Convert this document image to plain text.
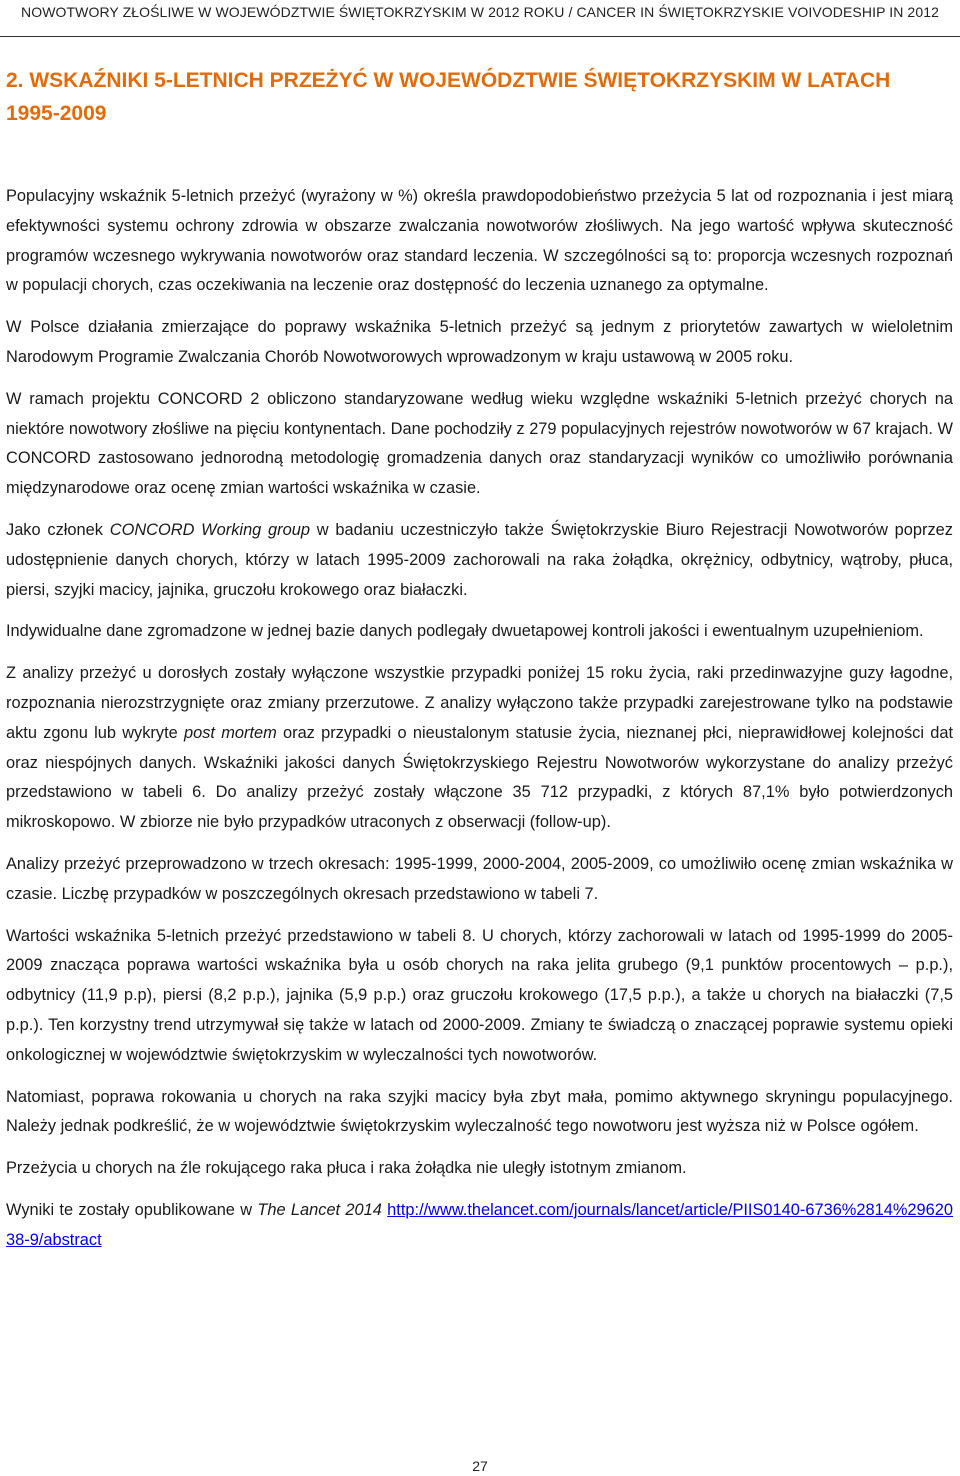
NOWOTWORY ZŁOŚLIWE W WOJEWÓDZTWIE ŚWIĘTOKRZYSKIM W 2012 ROKU / CANCER IN ŚWIĘTOKRZYSKIE VOIVODESHIP IN 2012
2. WSKAŹNIKI 5-LETNICH PRZEŻYĆ W WOJEWÓDZTWIE ŚWIĘTOKRZYSKIM W LATACH 1995-2009

Populacyjny wskaźnik 5-letnich przeżyć (wyrażony w %) określa prawdopodobieństwo przeżycia 5 lat od rozpoznania i jest miarą efektywności systemu ochrony zdrowia w obszarze zwalczania nowotworów złośliwych. Na jego wartość wpływa skuteczność programów wczesnego wykrywania nowotworów oraz standard leczenia. W szczególności są to: proporcja wczesnych rozpoznań w populacji chorych, czas oczekiwania na leczenie oraz dostępność do leczenia uznanego za optymalne.

W Polsce działania zmierzające do poprawy wskaźnika 5-letnich przeżyć są jednym z priorytetów zawartych w wieloletnim Narodowym Programie Zwalczania Chorób Nowotworowych wprowadzonym w kraju ustawową w 2005 roku.

W ramach projektu CONCORD 2 obliczono standaryzowane według wieku względne wskaźniki 5-letnich przeżyć chorych na niektóre nowotwory złośliwe na pięciu kontynentach. Dane pochodziły z 279 populacyjnych rejestrów nowotworów w 67 krajach. W CONCORD zastosowano jednorodną metodologię gromadzenia danych oraz standaryzacji wyników co umożliwiło porównania międzynarodowe oraz ocenę zmian wartości wskaźnika w czasie.

Jako członek CONCORD Working group w badaniu uczestniczyło także Świętokrzyskie Biuro Rejestracji Nowotworów poprzez udostępnienie danych chorych, którzy w latach 1995-2009 zachorowali na raka żołądka, okrężnicy, odbytnicy, wątroby, płuca, piersi, szyjki macicy, jajnika, gruczołu krokowego oraz białaczki.

Indywidualne dane zgromadzone w jednej bazie danych podlegały dwuetapowej kontroli jakości i ewentualnym uzupełnieniom.

Z analizy przeżyć u dorosłych zostały wyłączone wszystkie przypadki poniżej 15 roku życia, raki przedinwazyjne guzy łagodne, rozpoznania nierozstrzygnięte oraz zmiany przerzutowe. Z analizy wyłączono także przypadki zarejestrowane tylko na podstawie aktu zgonu lub wykryte post mortem oraz przypadki o nieustalonym statusie życia, nieznanej płci, nieprawidłowej kolejności dat oraz niespójnych danych. Wskaźniki jakości danych Świętokrzyskiego Rejestru Nowotworów wykorzystane do analizy przeżyć przedstawiono w tabeli 6. Do analizy przeżyć zostały włączone 35 712 przypadki, z których 87,1% było potwierdzonych mikroskopowo. W zbiorze nie było przypadków utraconych z obserwacji (follow-up).

Analizy przeżyć przeprowadzono w trzech okresach: 1995-1999, 2000-2004, 2005-2009, co umożliwiło ocenę zmian wskaźnika w czasie. Liczbę przypadków w poszczególnych okresach przedstawiono w tabeli 7.

Wartości wskaźnika 5-letnich przeżyć przedstawiono w tabeli 8. U chorych, którzy zachorowali w latach od 1995-1999 do 2005-2009 znacząca poprawa wartości wskaźnika była u osób chorych na raka jelita grubego (9,1 punktów procentowych – p.p.), odbytnicy (11,9 p.p), piersi (8,2 p.p.), jajnika (5,9 p.p.) oraz gruczołu krokowego (17,5 p.p.), a także u chorych na białaczki (7,5 p.p.). Ten korzystny trend utrzymywał się także w latach od 2000-2009. Zmiany te świadczą o znaczącej poprawie systemu opieki onkologicznej w województwie świętokrzyskim w wyleczalności tych nowotworów.

Natomiast, poprawa rokowania u chorych na raka szyjki macicy była zbyt mała, pomimo aktywnego skryningu populacyjnego. Należy jednak podkreślić, że w województwie świętokrzyskim wyleczalność tego nowotworu jest wyższa niż w Polsce ogółem.

Przeżycia u chorych na źle rokującego raka płuca i raka żołądka nie uległy istotnym zmianom.

Wyniki te zostały opublikowane w The Lancet 2014 http://www.thelancet.com/journals/lancet/article/PIIS0140-6736%2814%2962038-9/abstract

27
